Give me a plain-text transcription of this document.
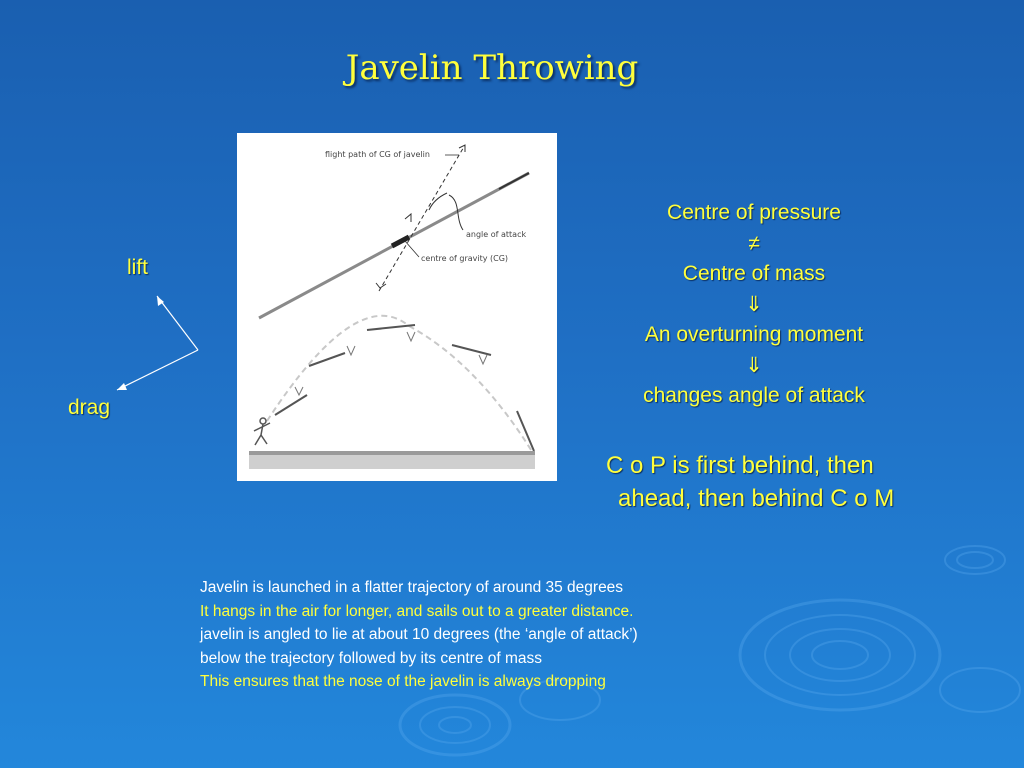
Javelin Throwing
flight path of CG of javelin
angle of attack
centre of gravity (CG)
lift
drag
Centre of pressure
≠
Centre of mass
⇓
An overturning moment
⇓
changes angle of attack
C o P is first behind, then
ahead, then behind C o M
Javelin is launched in a flatter trajectory of around 35 degrees
It hangs in the air for longer, and sails out to a greater distance.
javelin is angled to lie at about 10 degrees (the ‘angle of attack’)
below the trajectory followed by its centre of mass
This ensures that the nose of the javelin is always dropping
